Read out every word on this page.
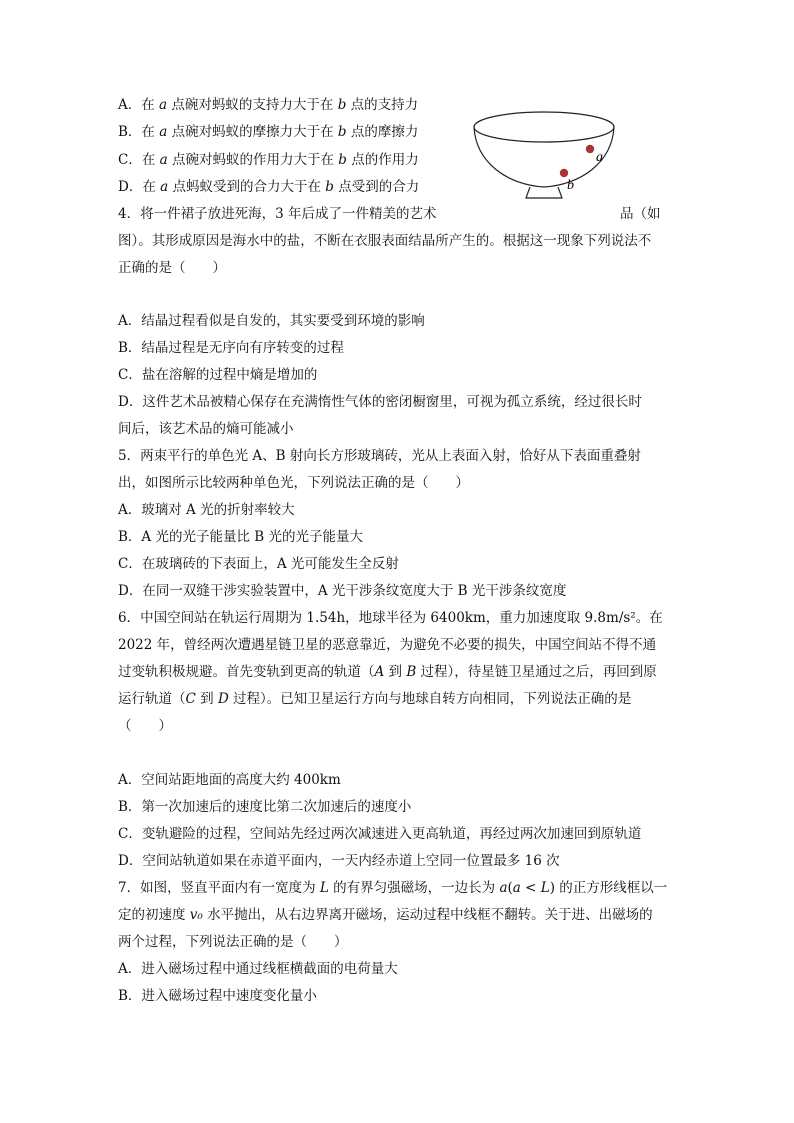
A．在 a 点碗对蚂蚁的支持力大于在 b 点的支持力
B．在 a 点碗对蚂蚁的摩擦力大于在 b 点的摩擦力
C．在 a 点碗对蚂蚁的作用力大于在 b 点的作用力
D．在 a 点蚂蚁受到的合力大于在 b 点受到的合力
a
b
4．将一件裙子放进死海，3 年后成了一件精美的艺术	品（如
图）。其形成原因是海水中的盐，不断在衣服表面结晶所产生的。根据这一现象下列说法不
正确的是（　　）
A．结晶过程看似是自发的，其实要受到环境的影响
B．结晶过程是无序向有序转变的过程
C．盐在溶解的过程中熵是增加的
D．这件艺术品被精心保存在充满惰性气体的密闭橱窗里，可视为孤立系统，经过很长时
间后，该艺术品的熵可能减小
5．两束平行的单色光 A、B 射向长方形玻璃砖，光从上表面入射，恰好从下表面重叠射
出，如图所示比较两种单色光，下列说法正确的是（　　）
A．玻璃对 A 光的折射率较大
B．A 光的光子能量比 B 光的光子能量大
C．在玻璃砖的下表面上，A 光可能发生全反射
D．在同一双缝干涉实验装置中，A 光干涉条纹宽度大于 B 光干涉条纹宽度
6．中国空间站在轨运行周期为 1.54h，地球半径为 6400km，重力加速度取 9.8m/s²。在
2022 年，曾经两次遭遇星链卫星的恶意靠近，为避免不必要的损失，中国空间站不得不通
过变轨积极规避。首先变轨到更高的轨道（A 到 B 过程），待星链卫星通过之后，再回到原
运行轨道（C 到 D 过程）。已知卫星运行方向与地球自转方向相同，下列说法正确的是
（　　）
A．空间站距地面的高度大约 400km
B．第一次加速后的速度比第二次加速后的速度小
C．变轨避险的过程，空间站先经过两次减速进入更高轨道，再经过两次加速回到原轨道
D．空间站轨道如果在赤道平面内，一天内经赤道上空同一位置最多 16 次
7．如图，竖直平面内有一宽度为 L 的有界匀强磁场，一边长为 a(a < L) 的正方形线框以一
定的初速度 v₀ 水平抛出，从右边界离开磁场，运动过程中线框不翻转。关于进、出磁场的
两个过程，下列说法正确的是（　　）
A．进入磁场过程中通过线框横截面的电荷量大
B．进入磁场过程中速度变化量小
